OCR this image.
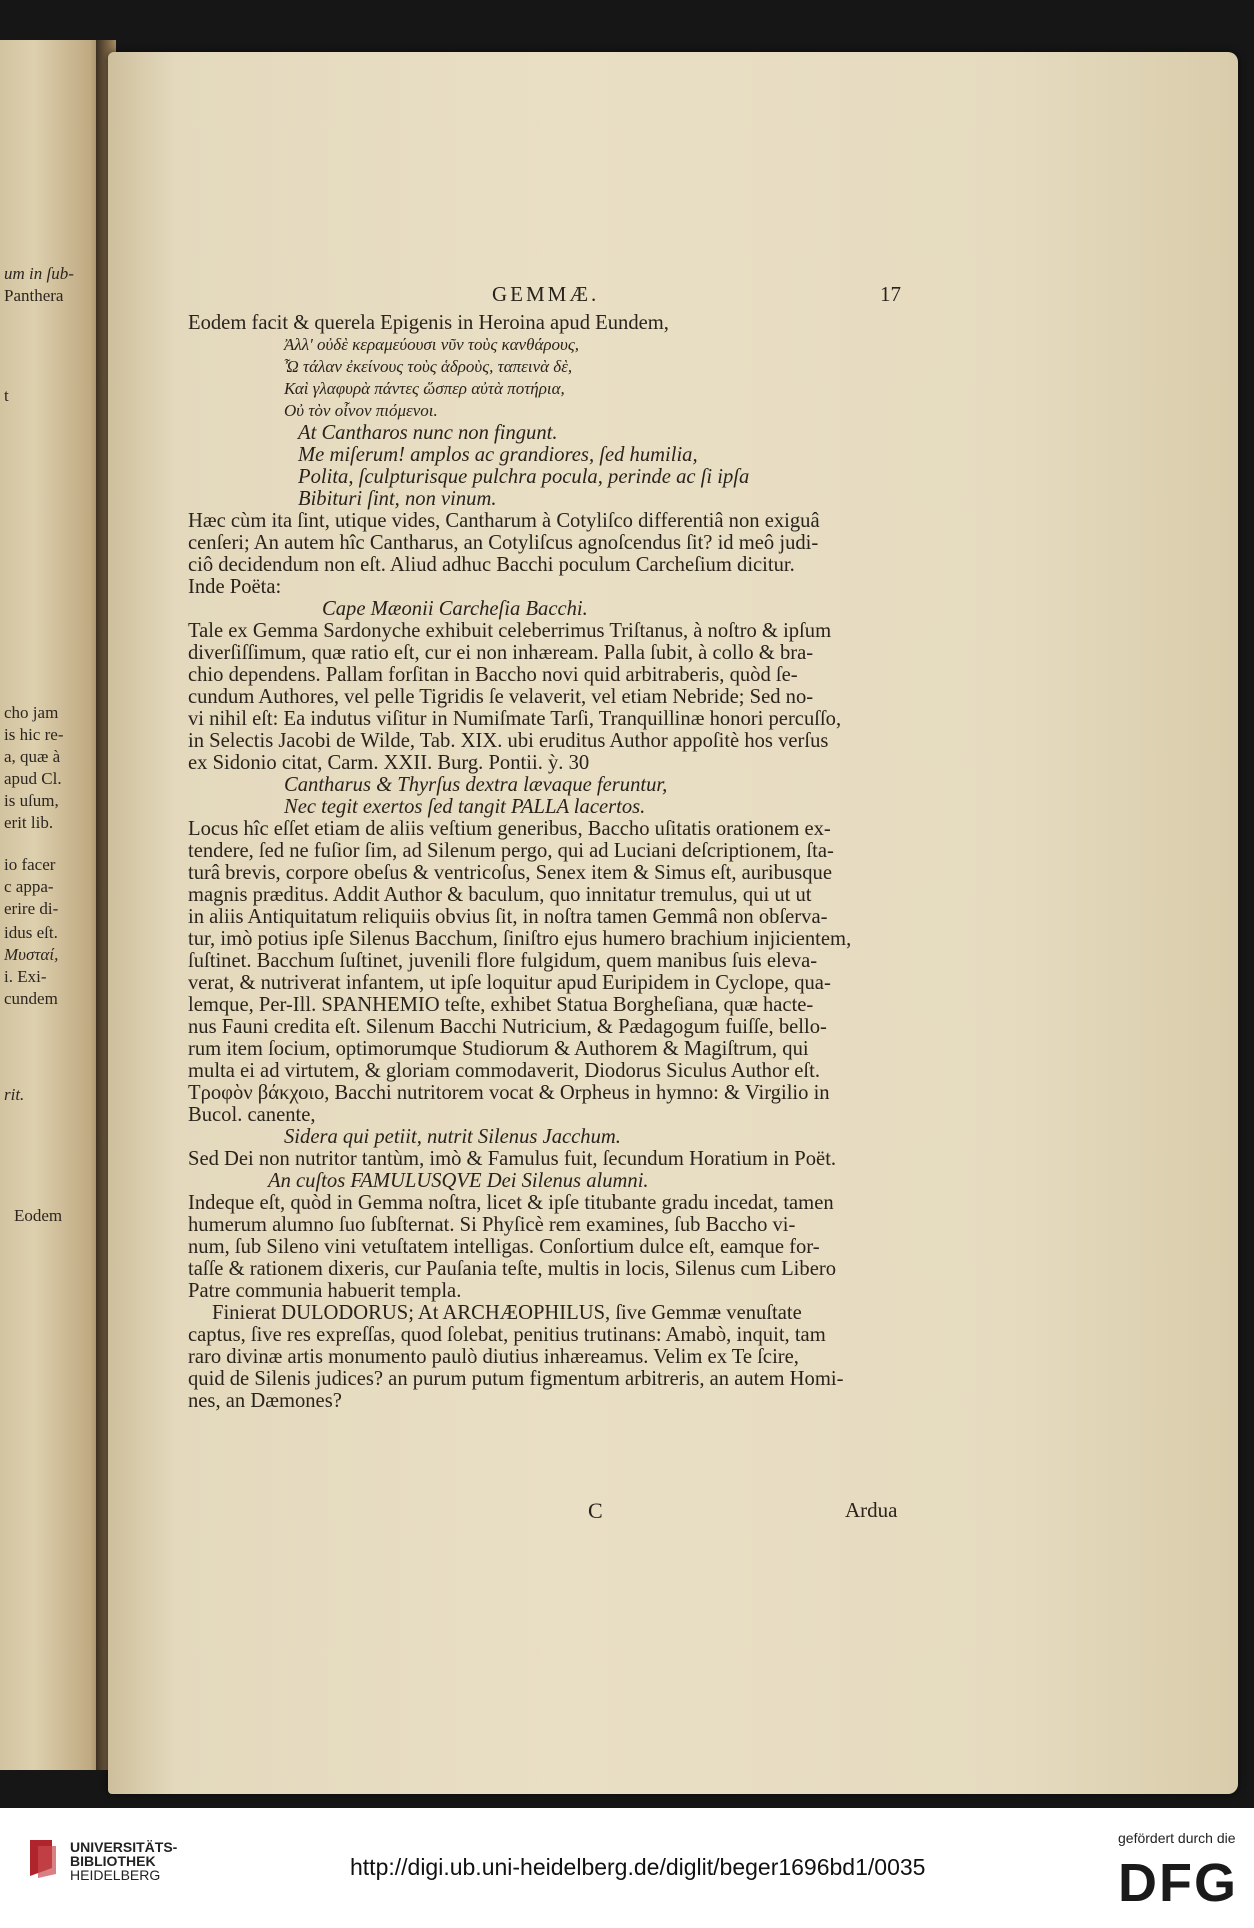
um in ſub-
Panthera
t
cho jam
is hic re-
a, quæ à
apud Cl.
is uſum,
erit lib.
io facer
c appa-
erire di-
idus eſt.
Μυσταί,
i. Exi-
cundem
rit.
Eodem
GEMMÆ.	17
Eodem facit & querela Epigenis in Heroina apud Eundem,
Ἀλλ' οὐδὲ κεραμεύουσι νῦν τοὺς κανθάρους,
Ὦ τάλαν ἐκείνους τοὺς ἁδροὺς, ταπεινὰ δὲ,
Καὶ γλαφυρὰ πάντες ὥσπερ αὐτὰ ποτήρια,
Οὐ τὸν οἶνον πιόμενοι.
At Cantharos nunc non fingunt.
Me miſerum! amplos ac grandiores, ſed humilia,
Polita, ſculpturisque pulchra pocula, perinde ac ſi ipſa
Bibituri ſint, non vinum.
Hæc cùm ita ſint, utique vides, Cantharum à Cotyliſco differentiâ non exiguâ
cenſeri; An autem hîc Cantharus, an Cotyliſcus agnoſcendus ſit? id meô judi-
ciô decidendum non eſt. Aliud adhuc Bacchi poculum Carcheſium dicitur.
Inde Poëta:
Cape Mæonii Carcheſia Bacchi.
Tale ex Gemma Sardonyche exhibuit celeberrimus Triſtanus, à noſtro & ipſum
diverſiſſimum, quæ ratio eſt, cur ei non inhæream. Palla ſubit, à collo & bra-
chio dependens. Pallam forſitan in Baccho novi quid arbitraberis, quòd ſe-
cundum Authores, vel pelle Tigridis ſe velaverit, vel etiam Nebride; Sed no-
vi nihil eſt: Ea indutus viſitur in Numiſmate Tarſi, Tranquillinæ honori percuſſo,
in Selectis Jacobi de Wilde, Tab. XIX. ubi eruditus Author appoſitè hos verſus
ex Sidonio citat, Carm. XXII. Burg. Pontii. ỳ. 30
Cantharus & Thyrſus dextra lævaque feruntur,
Nec tegit exertos ſed tangit PALLA lacertos.
Locus hîc eſſet etiam de aliis veſtium generibus, Baccho uſitatis orationem ex-
tendere, ſed ne fuſior ſim, ad Silenum pergo, qui ad Luciani deſcriptionem, ſta-
turâ brevis, corpore obeſus & ventricoſus, Senex item & Simus eſt, auribusque
magnis præditus. Addit Author & baculum, quo innitatur tremulus, qui ut ut
in aliis Antiquitatum reliquiis obvius ſit, in noſtra tamen Gemmâ non obſerva-
tur, imò potius ipſe Silenus Bacchum, ſiniſtro ejus humero brachium injicientem,
ſuſtinet. Bacchum ſuſtinet, juvenili flore fulgidum, quem manibus ſuis eleva-
verat, & nutriverat infantem, ut ipſe loquitur apud Euripidem in Cyclope, qua-
lemque, Per-Ill. SPANHEMIO teſte, exhibet Statua Borgheſiana, quæ hacte-
nus Fauni credita eſt. Silenum Bacchi Nutricium, & Pædagogum fuiſſe, bello-
rum item ſocium, optimorumque Studiorum & Authorem & Magiſtrum, qui
multa ei ad virtutem, & gloriam commodaverit, Diodorus Siculus Author eſt.
Τροφὸν βάκχοιο, Bacchi nutritorem vocat & Orpheus in hymno: & Virgilio in
Bucol. canente,
Sidera qui petiit, nutrit Silenus Jacchum.
Sed Dei non nutritor tantùm, imò & Famulus fuit, ſecundum Horatium in Poët.
An cuſtos FAMULUSQVE Dei Silenus alumni.
Indeque eſt, quòd in Gemma noſtra, licet & ipſe titubante gradu incedat, tamen
humerum alumno ſuo ſubſternat. Si Phyſicè rem examines, ſub Baccho vi-
num, ſub Sileno vini vetuſtatem intelligas. Conſortium dulce eſt, eamque for-
taſſe & rationem dixeris, cur Pauſania teſte, multis in locis, Silenus cum Libero
Patre communia habuerit templa.
Finierat DULODORUS; At ARCHÆOPHILUS, ſive Gemmæ venuſtate
captus, ſive res expreſſas, quod ſolebat, penitius trutinans: Amabò, inquit, tam
raro divinæ artis monumento paulò diutius inhæreamus. Velim ex Te ſcire,
quid de Silenis judices? an purum putum figmentum arbitreris, an autem Homi-
nes, an Dæmones?
C	Ardua
UNIVERSITÄTS-
BIBLIOTHEK
HEIDELBERG	http://digi.ub.uni-heidelberg.de/diglit/beger1696bd1/0035
gefördert durch die
DFG
